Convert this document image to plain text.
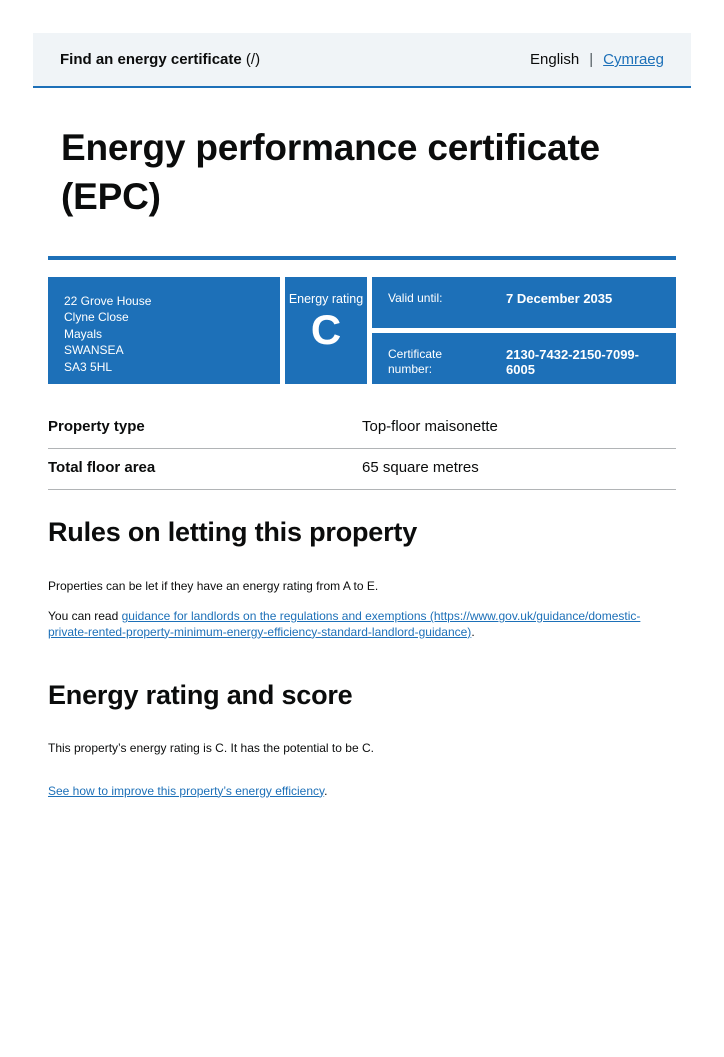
Find an energy certificate (/)	English | Cymraeg
Energy performance certificate (EPC)
22 Grove House
Clyne Close
Mayals
SWANSEA
SA3 5HL
Energy rating
C
Valid until:	7 December 2035
Certificate number:
2130-7432-2150-7099-6005
Property type	Top-floor maisonette
Total floor area	65 square metres
Rules on letting this property

Properties can be let if they have an energy rating from A to E.

You can read guidance for landlords on the regulations and exemptions (https://www.gov.uk/guidance/domestic-private-rented-property-minimum-energy-efficiency-standard-landlord-guidance).

Energy rating and score

This property’s energy rating is C. It has the potential to be C.

See how to improve this property’s energy efficiency.
